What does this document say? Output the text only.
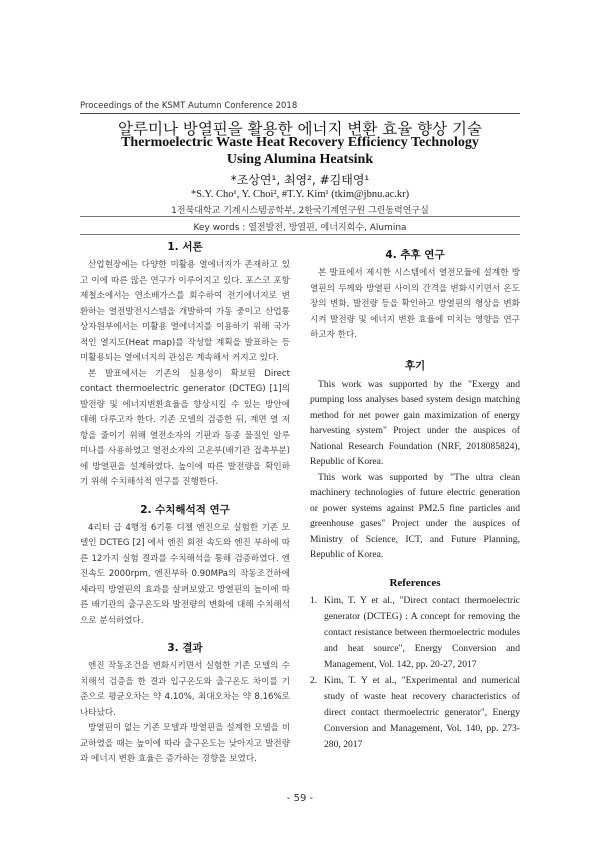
Proceedings of the KSMT Autumn Conference 2018
알루미나 방열핀을 활용한 에너지 변환 효율 향상 기술
Thermoelectric Waste Heat Recovery Efficiency Technology
Using Alumina Heatsink
*조상연¹, 최영², #김태영¹
*S.Y. Cho¹, Y. Choi², #T.Y. Kim¹ (tkim@jbnu.ac.kr)
1전북대학교 기계시스템공학부, 2한국기계연구원 그린동력연구실
Key words : 열전발전, 방열핀, 에너지회수, Alumina
1. 서론

산업현장에는 다양한 미활용 열에너지가 존재하고 있고 이에 따른 많은 연구가 이루어지고 있다. 포스코 포항 제철소에서는 연소배가스를 회수하여 전기에너지로 변환하는 열전발전시스템을 개발하여 가동 중이고 산업통상자원부에서는 미활용 열에너지를 이용하기 위해 국가적인 열지도(Heat map)를 작성할 계획을 발표하는 등 미활용되는 열에너지의 관심은 계속해서 커지고 있다.

본 발표에서는 기존의 실용성이 확보된 Direct contact thermoelectric generator (DCTEG) [1]의 발전량 및 에너지변환효율을 향상시킬 수 있는 방안에 대해 다루고자 한다. 기존 모델의 검증한 뒤, 계면 열 저항을 줄이기 위해 열전소자의 기판과 동종 물질인 알루미나를 사용하였고 열전소자의 고온부(배기관 접촉부분)에 방열핀을 설계하였다. 높이에 따른 발전량을 확인하기 위해 수치해석적 연구를 진행한다.

2. 수치해석적 연구

4리터 급 4행정 6기통 디젤 엔진으로 실험한 기존 모델인 DCTEG [2] 에서 엔진 회전 속도와 엔진 부하에 따른 12가지 실험 결과를 수치해석을 통해 검증하였다. 엔진속도 2000rpm, 엔진부하 0.90MPa의 작동조건하에 세라믹 방열핀의 효과를 살펴보았고 방열핀의 높이에 따른 배기관의 출구온도와 발전량의 변화에 대해 수치해석으로 분석하였다.

3. 결과

엔진 작동조건을 변화시키면서 실험한 기존 모델의 수치해석 검증을 한 결과 입구온도와 출구온도 차이를 기준으로 평균오차는 약 4.10%, 최대오차는 약 8.16%로 나타났다.

방열핀이 없는 기존 모델과 방열핀을 설계한 모델을 비교하였을 때는 높이에 따라 출구온도는 낮아지고 발전량과 에너지 변환 효율은 증가하는 경향을 보였다.

4. 추후 연구

본 발표에서 제시한 시스템에서 열전모듈에 설계한 방열핀의 두께와 방열핀 사이의 간격을 변화시키면서 온도장의 변화, 발전량 등을 확인하고 방열핀의 형상을 변화시켜 발전량 및 에너지 변환 효율에 미치는 영향을 연구하고자 한다.

후기

This work was supported by the "Exergy and pumping loss analyses based system design matching method for net power gain maximization of energy harvesting system" Project under the auspices of National Research Foundation (NRF, 2018085824), Republic of Korea.

This work was supported by "The ultra clean machinery technologies of future electric generation or power systems against PM2.5 fine particles and greenhouse gases" Project under the auspices of Ministry of Science, ICT, and Future Planning, Republic of Korea.

References
1. Kim, T. Y et al., "Direct contact thermoelectric generator (DCTEG) : A concept for removing the contact resistance between thermoelectric modules and heat source", Energy Conversion and Management, Vol. 142, pp. 20-27, 2017
2. Kim, T. Y et al., "Experimental and numerical study of waste heat recovery characteristics of direct contact thermoelectric generator", Energy Conversion and Management, Vol. 140, pp. 273-280, 2017
- 59 -
